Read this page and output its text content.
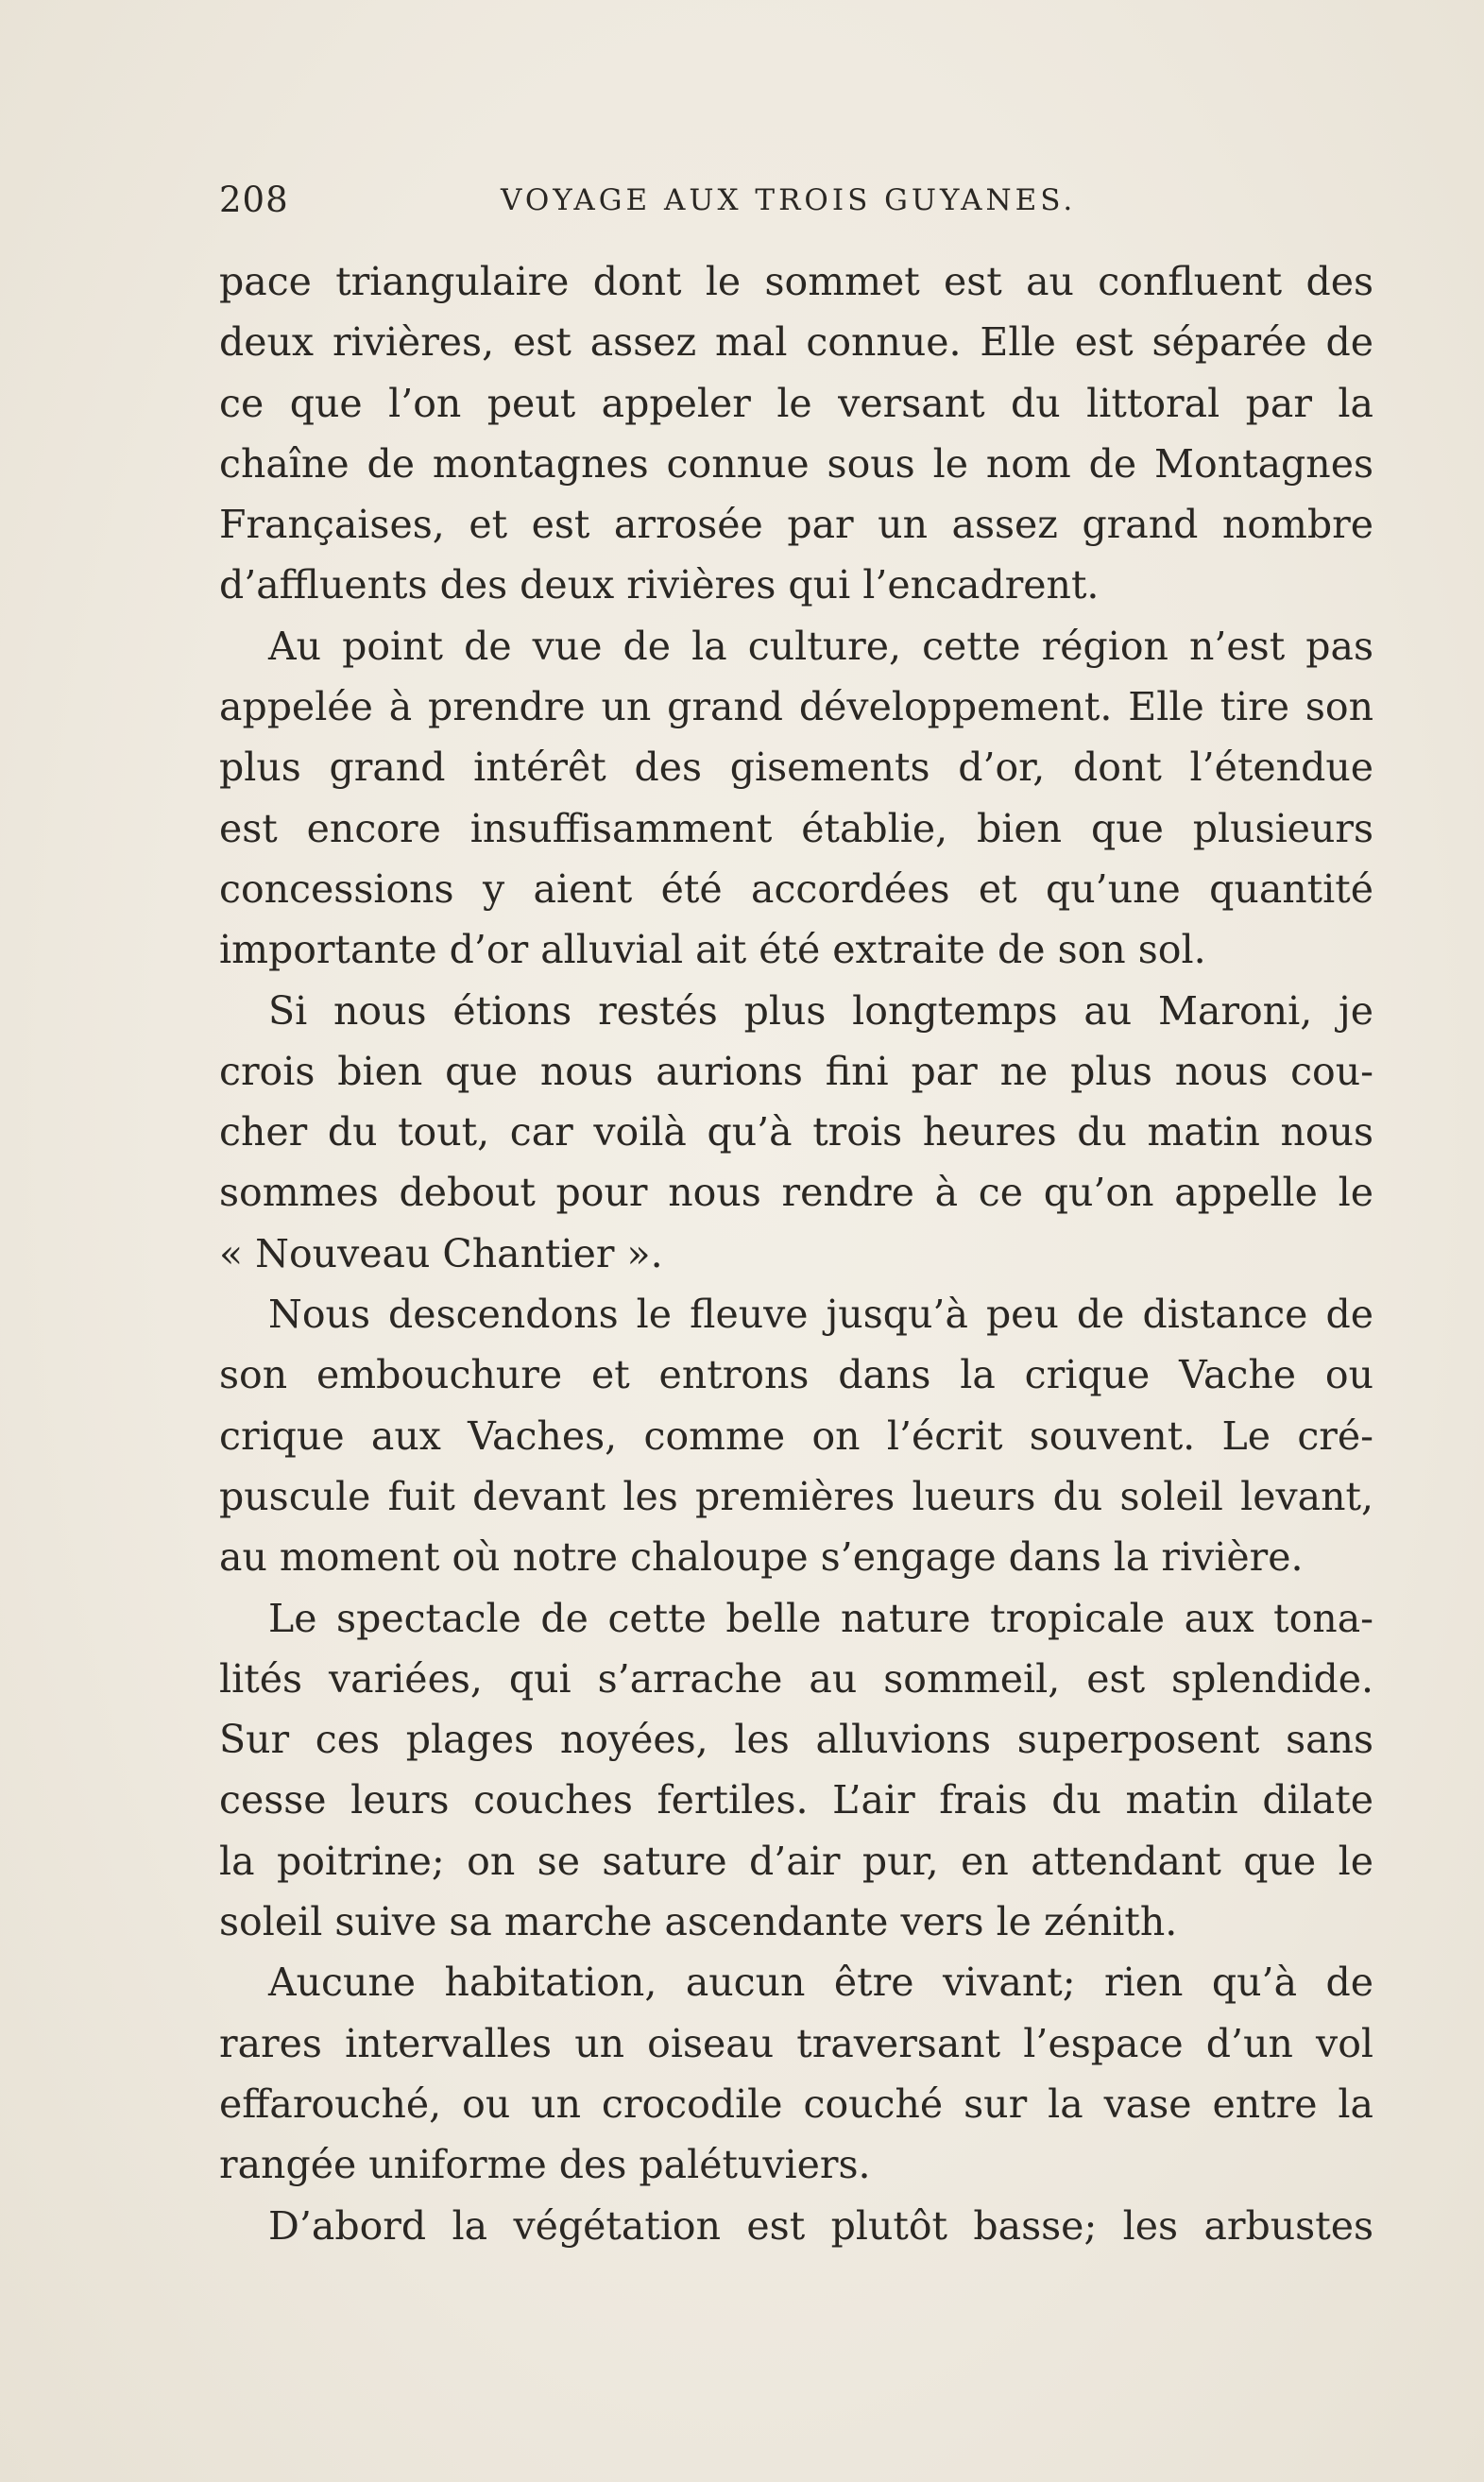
208	VOYAGE AUX TROIS GUYANES.
pace triangulaire dont le sommet est au confluent des
deux rivières, est assez mal connue. Elle est séparée de
ce que l’on peut appeler le versant du littoral par la
chaîne de montagnes connue sous le nom de Montagnes
Françaises, et est arrosée par un assez grand nombre
d’affluents des deux rivières qui l’encadrent.
Au point de vue de la culture, cette région n’est pas
appelée à prendre un grand développement. Elle tire son
plus grand intérêt des gisements d’or, dont l’étendue
est encore insuffisamment établie, bien que plusieurs
concessions y aient été accordées et qu’une quantité
importante d’or alluvial ait été extraite de son sol.
Si nous étions restés plus longtemps au Maroni, je
crois bien que nous aurions fini par ne plus nous cou-
cher du tout, car voilà qu’à trois heures du matin nous
sommes debout pour nous rendre à ce qu’on appelle le
« Nouveau Chantier ».
Nous descendons le fleuve jusqu’à peu de distance de
son embouchure et entrons dans la crique Vache ou
crique aux Vaches, comme on l’écrit souvent. Le cré-
puscule fuit devant les premières lueurs du soleil levant,
au moment où notre chaloupe s’engage dans la rivière.
Le spectacle de cette belle nature tropicale aux tona-
lités variées, qui s’arrache au sommeil, est splendide.
Sur ces plages noyées, les alluvions superposent sans
cesse leurs couches fertiles. L’air frais du matin dilate
la poitrine; on se sature d’air pur, en attendant que le
soleil suive sa marche ascendante vers le zénith.
Aucune habitation, aucun être vivant; rien qu’à de
rares intervalles un oiseau traversant l’espace d’un vol
effarouché, ou un crocodile couché sur la vase entre la
rangée uniforme des palétuviers.
D’abord la végétation est plutôt basse; les arbustes
